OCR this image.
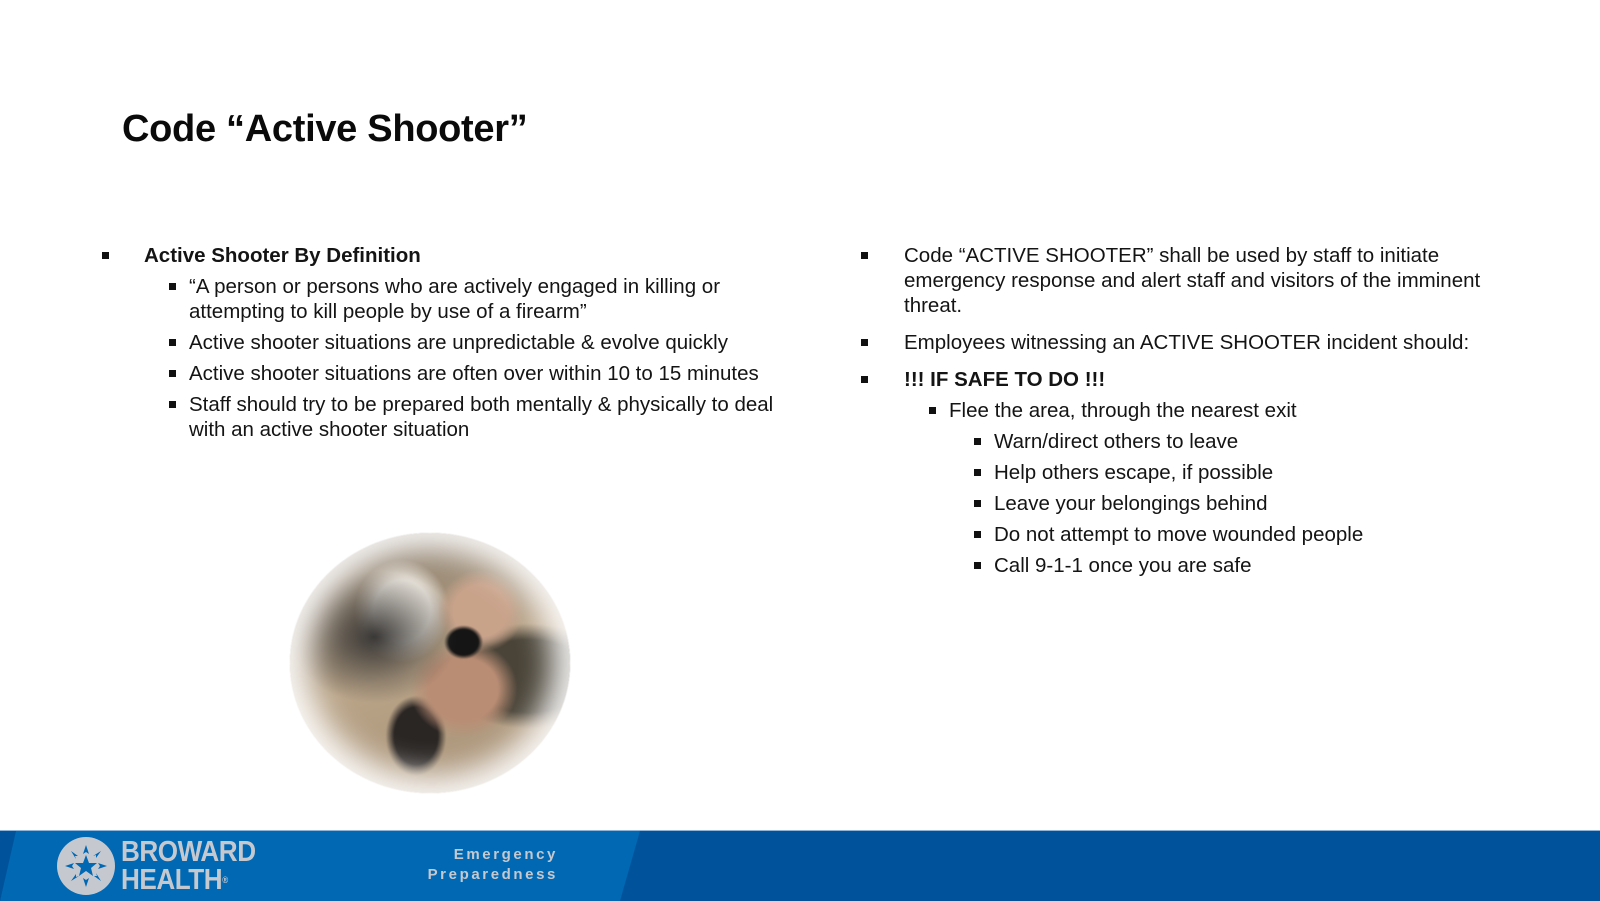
Code “Active Shooter”
Active Shooter By Definition
“A person or persons who are actively engaged in killing or attempting to kill people by use of a firearm”
Active shooter situations are unpredictable & evolve quickly
Active shooter situations are often over within 10 to 15 minutes
Staff should try to be prepared both mentally & physically to deal with an active shooter situation
Code “ACTIVE SHOOTER” shall be used by staff to initiate emergency response and alert staff and visitors of the imminent threat.
Employees witnessing an ACTIVE SHOOTER incident should:
!!! IF SAFE TO DO !!!
Flee the area, through the nearest exit
Warn/direct others to leave
Help others escape, if possible
Leave your belongings behind
Do not attempt to move wounded people
Call 9-1-1 once you are safe
BROWARD
HEALTH®
Emergency
Preparedness
